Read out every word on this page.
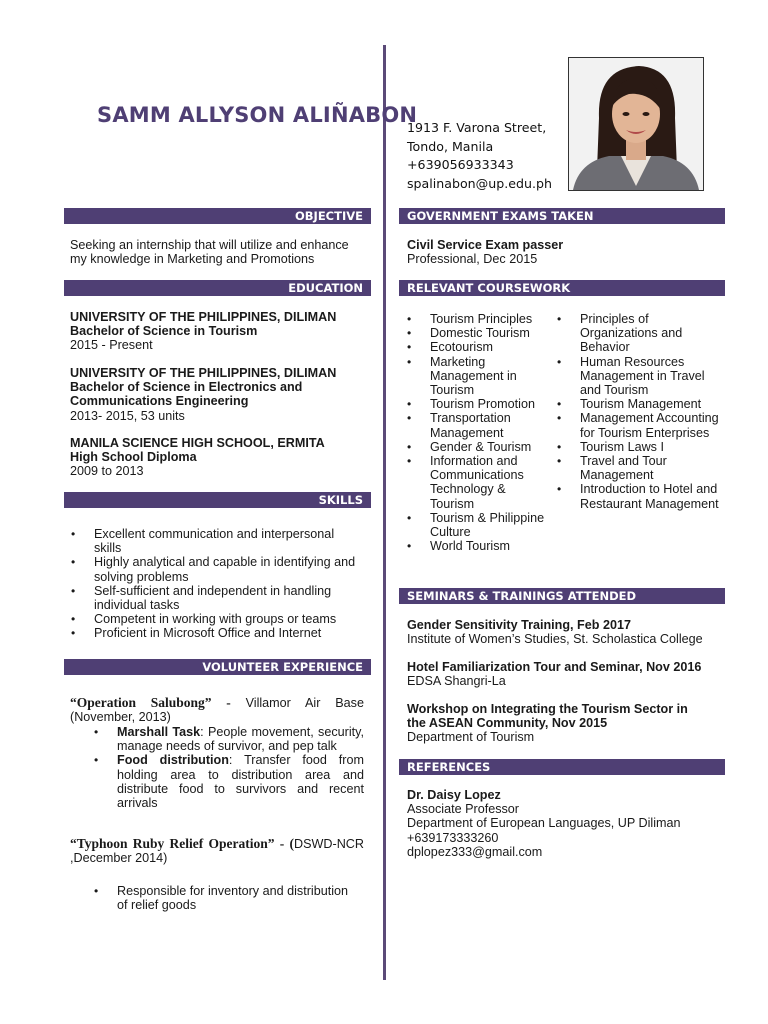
SAMM ALLYSON ALIÑABON
1913 F. Varona Street,
Tondo, Manila
+639056933343
spalinabon@up.edu.ph
OBJECTIVE
Seeking an internship that will utilize and enhance
my knowledge in Marketing and Promotions
EDUCATION
UNIVERSITY OF THE PHILIPPINES, DILIMAN
Bachelor of Science in Tourism
2015 - Present
UNIVERSITY OF THE PHILIPPINES, DILIMAN
Bachelor of Science in Electronics and
Communications Engineering
2013- 2015, 53 units
MANILA SCIENCE HIGH SCHOOL, ERMITA
High School Diploma
2009 to 2013
SKILLS
• Excellent communication and interpersonal skills
• Highly analytical and capable in identifying and solving problems
• Self-sufficient and independent in handling individual tasks
• Competent in working with groups or teams
• Proficient in Microsoft Office and Internet
VOLUNTEER EXPERIENCE
“Operation Salubong” - Villamor Air Base (November, 2013)
• Marshall Task: People movement, security, manage needs of survivor, and pep talk
• Food distribution: Transfer food from holding area to distribution area and distribute food to survivors and recent arrivals
“Typhoon Ruby Relief Operation” - (DSWD-NCR ,December 2014)
• Responsible for inventory and distribution of relief goods
GOVERNMENT EXAMS TAKEN
Civil Service Exam passer
Professional, Dec 2015
RELEVANT COURSEWORK
• Tourism Principles
• Domestic Tourism
• Ecotourism
• Marketing Management in Tourism
• Tourism Promotion
• Transportation Management
• Gender & Tourism
• Information and Communications Technology & Tourism
• Tourism & Philippine Culture
• World Tourism
• Principles of Organizations and Behavior
• Human Resources Management in Travel and Tourism
• Tourism Management
• Management Accounting for Tourism Enterprises
• Tourism Laws I
• Travel and Tour Management
• Introduction to Hotel and Restaurant Management
SEMINARS & TRAININGS ATTENDED
Gender Sensitivity Training, Feb 2017
Institute of Women’s Studies, St. Scholastica College
Hotel Familiarization Tour and Seminar, Nov 2016
EDSA Shangri-La
Workshop on Integrating the Tourism Sector in
the ASEAN Community, Nov 2015
Department of Tourism
REFERENCES
Dr. Daisy Lopez
Associate Professor
Department of European Languages, UP Diliman
+639173333260
dplopez333@gmail.com
